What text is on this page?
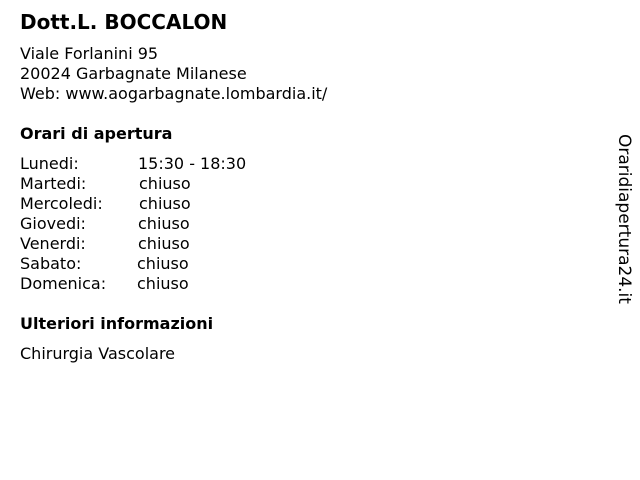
Dott.L. BOCCALON
Viale Forlanini 95
20024 Garbagnate Milanese
Web: www.aogarbagnate.lombardia.it/
Orari di apertura
Lunedi:	15:30 - 18:30
Martedi:	chiuso
Mercoledi: chiuso
Giovedi:	chiuso
Venerdi:	chiuso
Sabato:	chiuso
Domenica: chiuso
Ulteriori informazioni
Chirurgia Vascolare
Oraridiapertura24.it
